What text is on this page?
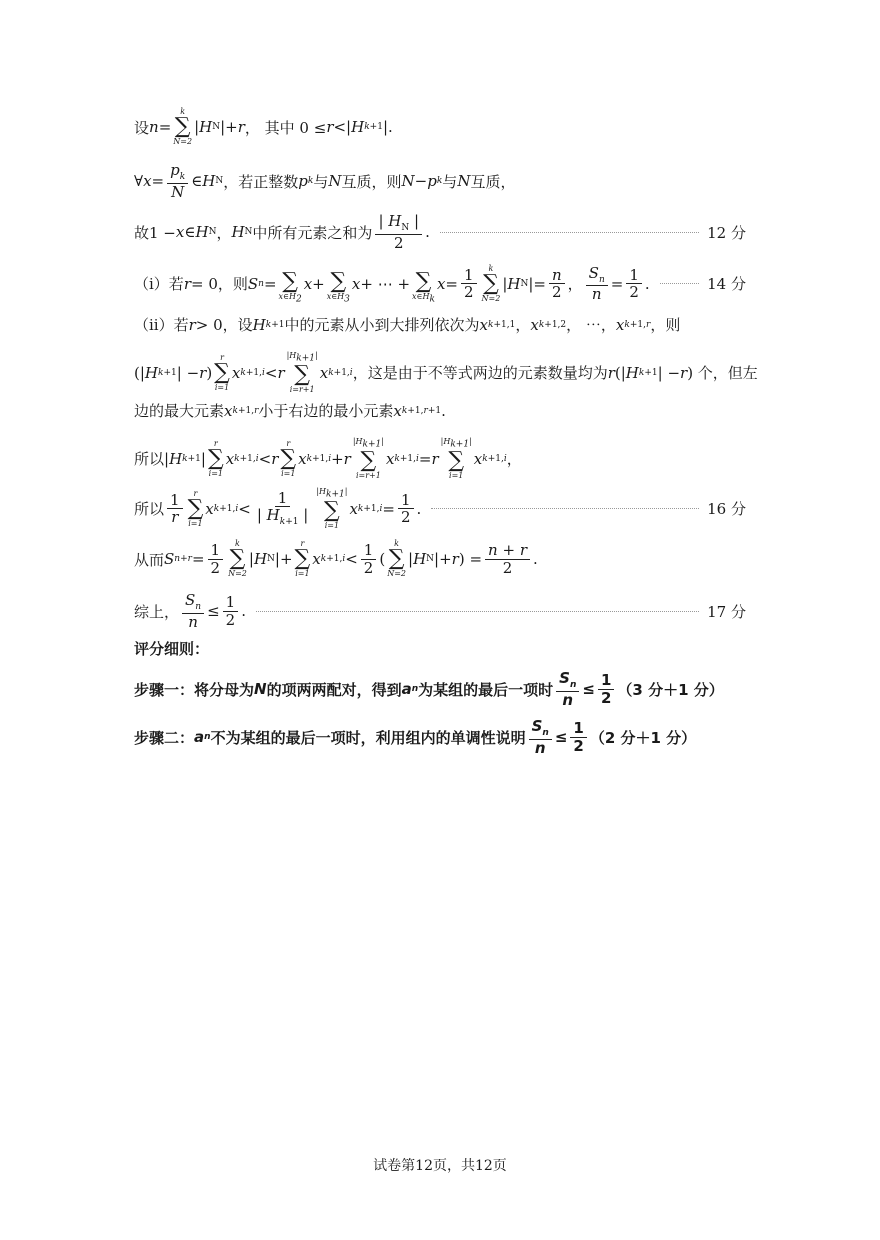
设 n =
k
∑
N=2
| H N |+ r ， 其中 0 ≤ r <| H k+1 |.
∀ $x = \frac{p_k}{N}$ ∈ H N ，若正整数 p k 与 N 互质，则 N − p k 与 N 互质，
故1 − x ∈ H N ， H N 中所有元素之和为 $\frac{| H_N |}{2}$ .	12 分
（i）若 r = 0，则 S n =
∑
$x\in H_2$
x +
∑
$x\in H_3$
x + ⋯ +
∑
$x\in H_k$
$x = \frac{1}{2}$ k
∑
N=2
| H N |= $\frac{n}{2}$ ， $\frac{S_n}{n} = \frac{1}{2}$ .	14 分
（ii）若 r > 0，设 H k+1 中的元素从小到大排列依次为 x k+1,1 ， x k+1,2 ， ⋯， x k+1,r ，则
(| H k+1 | − r )
r
∑
i=1
x k+1,i < r
$|H_{k+1}|$
∑
i=r+1
x k+1,i ，这是由于不等式两边的元素数量均为 r (| H k+1 | − r ) 个，但左
边的最大元素 x k+1,r 小于右边的最小元素 x k+1,r+1 .
所以| H k+1 |
r
∑
i=1
x k+1,i < r
r
∑
i=1
x k+1,i + r
$|H_{k+1}|$
∑
i=r+1
x k+1,i = r
$|H_{k+1}|$
∑
i=1
x k+1,i ，
所以 $\frac{1}{r}$ r
∑
i=1
x $k+1,i < \frac{1}{| H_{k+1} |} |H_{k+1}|$
∑
i=1
x $k+1,i = \frac{1}{2}$ .	16 分
从而 S $n+r = \frac{1}{2}$ k
∑
N=2
| H N |+
r
∑
i=1
x $k+1,i < \frac{1}{2}$ (
k
∑
N=2
| H N |+ r ) = $\frac{n + r}{2}$ .
综上， $\frac{S_n}{n} \le \frac{1}{2}$ .	17 分
评分细则：
步骤一：将分母为 N 的项两两配对，得到 a n 为某组的最后一项时 $\frac{S_n}{n} \le \frac{1}{2} (3$ 分＋1 分）
步骤二： a n 不为某组的最后一项时，利用组内的单调性说明 $\frac{S_n}{n} \le \frac{1}{2} (2$ 分＋1 分）
试卷第12页，共12页
